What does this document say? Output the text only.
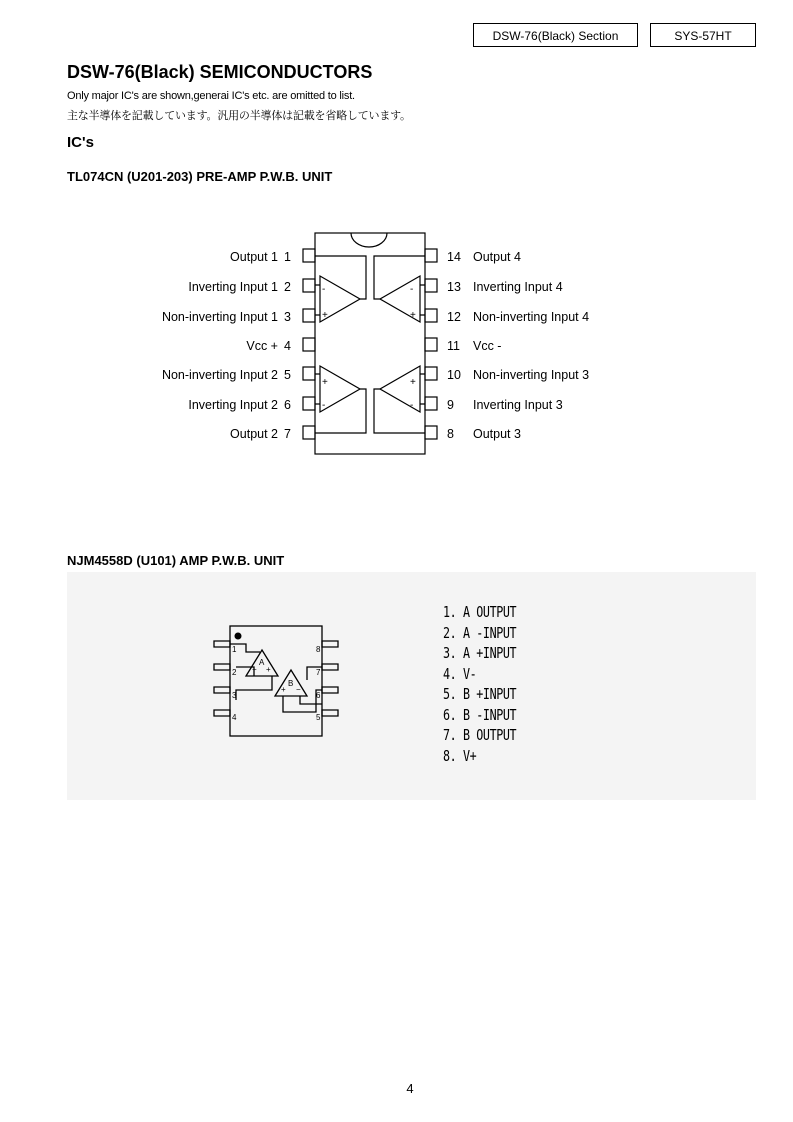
DSW-76(Black) Section	SYS-57HT
DSW-76(Black) SEMICONDUCTORS
Only major IC's are shown,generai IC's etc. are omitted to list.
主な半導体を記載しています。汎用の半導体は記載を省略しています。
IC's
TL074CN (U201-203) PRE-AMP P.W.B. UNIT
Output 1 1
Inverting Input 1 2
Non-inverting Input 1 3
Vcc + 4
Non-inverting Input 2 5
Inverting Input 2 6
Output 2 7
14 Output 4
13 Inverting Input 4
12 Non-inverting Input 4
11 Vcc -
10 Non-inverting Input 3
9 Inverting Input 3
8 Output 3
-
+
-
+
+
-
+
-
NJM4558D (U101) AMP P.W.B. UNIT
1
2
3
4
8
7
6
5
A
B
− +
+ −
1. A OUTPUT
2. A -INPUT
3. A +INPUT
4. V-
5. B +INPUT
6. B -INPUT
7. B OUTPUT
8. V+
4
